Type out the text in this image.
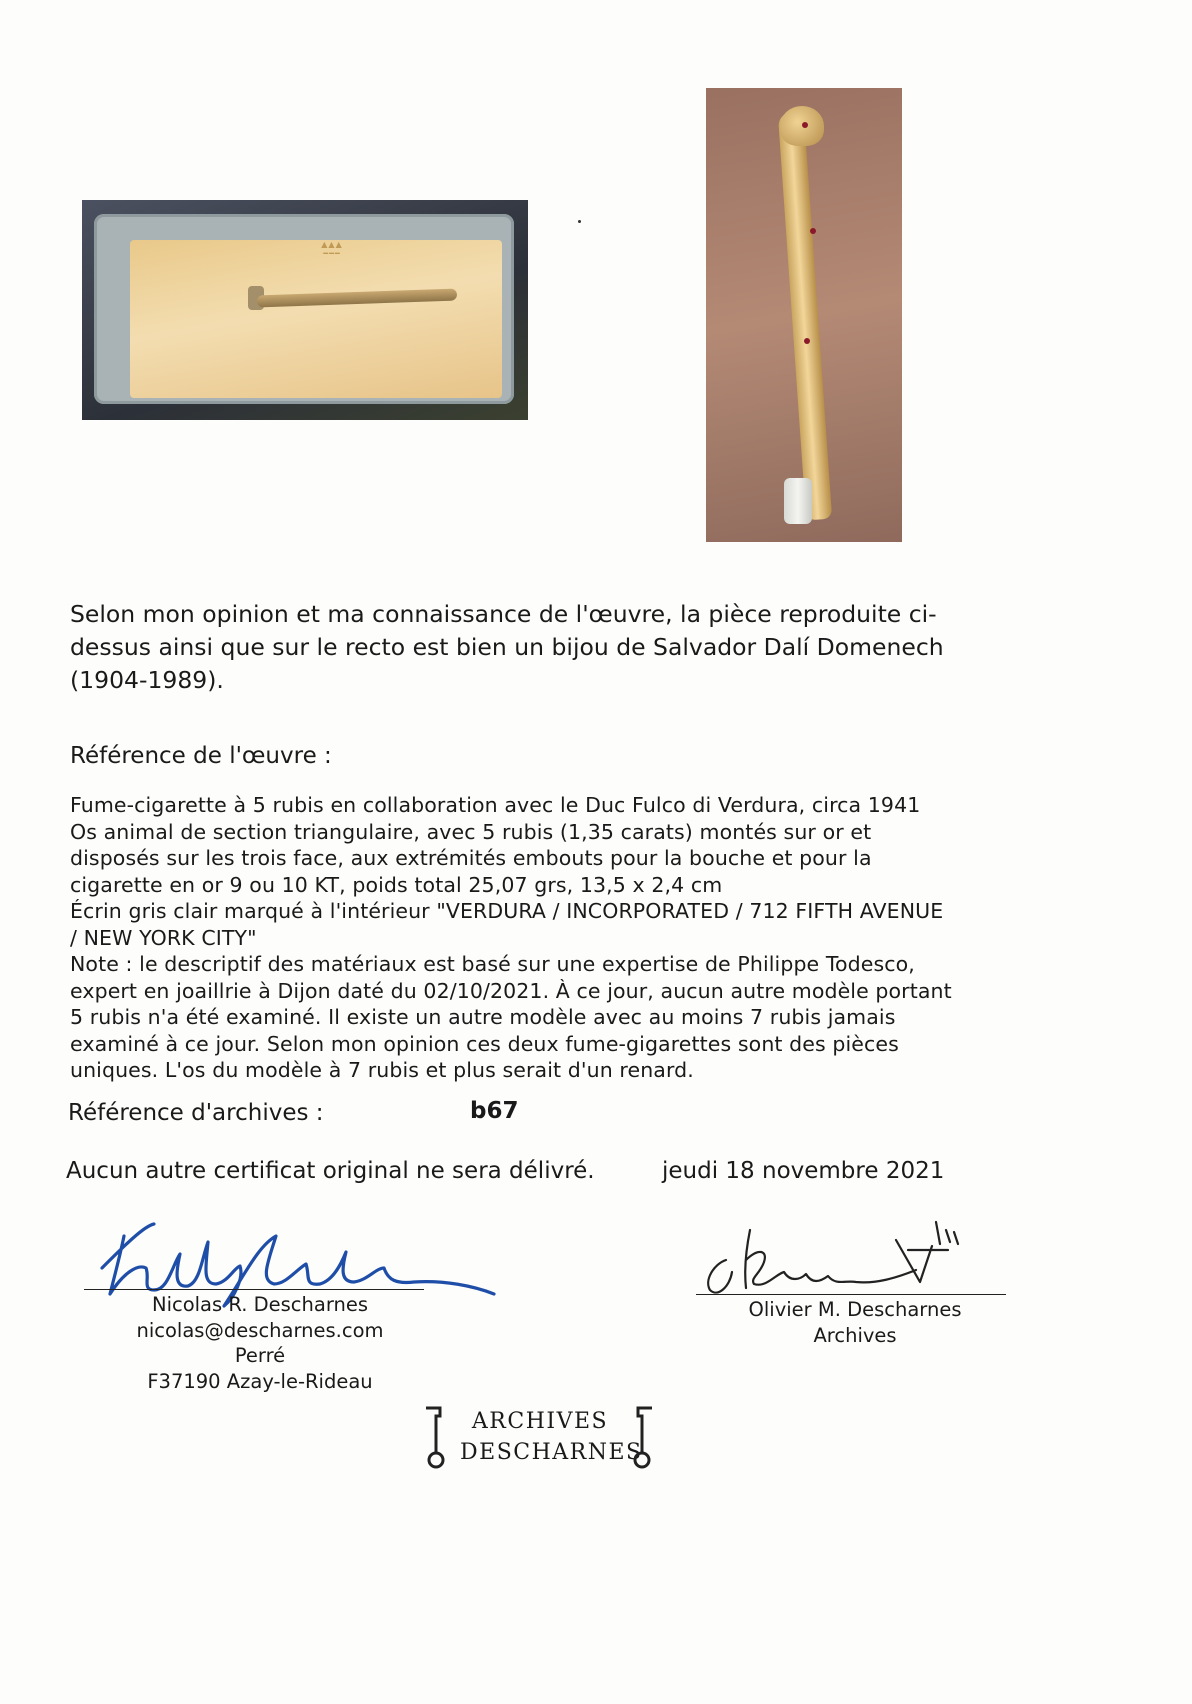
▲▲▲
━━━
Selon mon opinion et ma connaissance de l'œuvre, la pièce reproduite ci-
dessus ainsi que sur le recto est bien un bijou de Salvador Dalí Domenech
(1904-1989).
Référence de l'œuvre :
Fume-cigarette à 5 rubis en collaboration avec le Duc Fulco di Verdura, circa 1941
Os animal de section triangulaire, avec 5 rubis (1,35 carats) montés sur or et
disposés sur les trois face, aux extrémités embouts pour la bouche et pour la
cigarette en or 9 ou 10 KT, poids total 25,07 grs, 13,5 x 2,4 cm
Écrin gris clair marqué à l'intérieur "VERDURA / INCORPORATED / 712 FIFTH AVENUE
/ NEW YORK CITY"
Note : le descriptif des matériaux est basé sur une expertise de Philippe Todesco,
expert en joaillrie à Dijon daté du 02/10/2021. À ce jour, aucun autre modèle portant
5 rubis n'a été examiné. Il existe un autre modèle avec au moins 7 rubis jamais
examiné à ce jour. Selon mon opinion ces deux fume-gigarettes sont des pièces
uniques. L'os du modèle à 7 rubis et plus serait d'un renard.
Référence d'archives :	b67
Aucun autre certificat original ne sera délivré.	jeudi 18 novembre 2021
Nicolas R. Descharnes
nicolas@descharnes.com
Perré
F37190 Azay-le-Rideau
Olivier M. Descharnes
Archives
ARCHIVES
DESCHARNES
